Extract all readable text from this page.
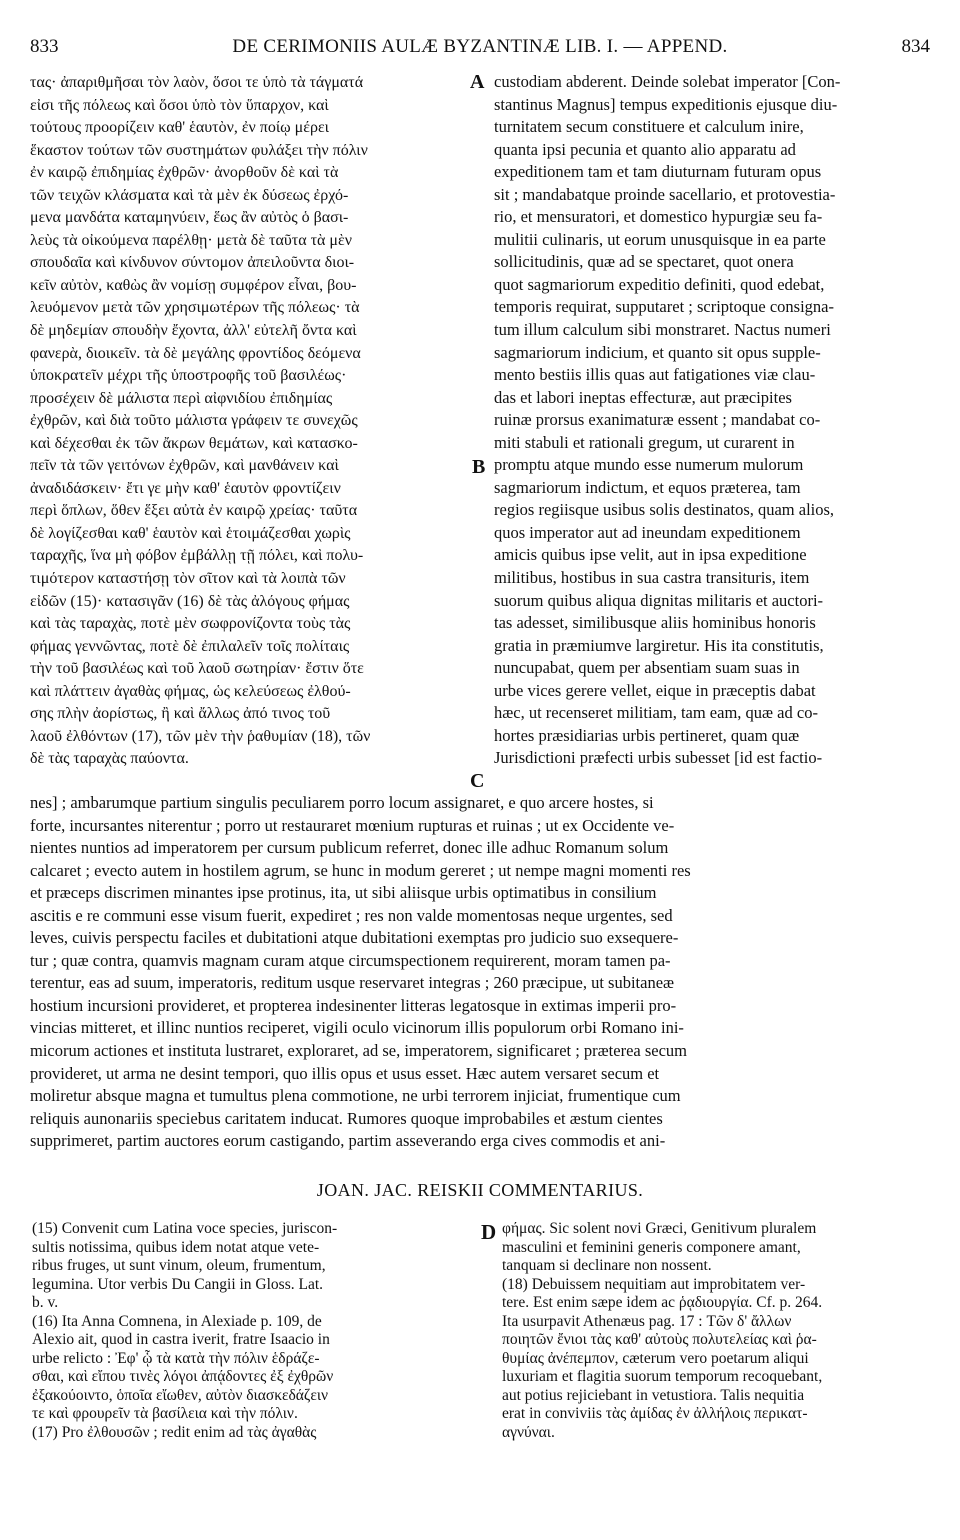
833	DE CERIMONIIS AULÆ BYZANTINÆ LIB. I. — APPEND.	834
τας· ἀπαριθμῆσαι τὸν λαὸν, ὅσοι τε ὑπὸ τὰ τάγματά
εἰσι τῆς πόλεως καὶ ὅσοι ὑπὸ τὸν ὕπαρχον, καὶ
τούτους προορίζειν καθ' ἑαυτὸν, ἐν ποίῳ μέρει
ἕκαστον τούτων τῶν συστημάτων φυλάξει τὴν πόλιν
ἐν καιρῷ ἐπιδημίας ἐχθρῶν· ἀνορθοῦν δὲ καὶ τὰ
τῶν τειχῶν κλάσματα καὶ τὰ μὲν ἐκ δύσεως ἐρχό-
μενα μανδάτα καταμηνύειν, ἕως ἂν αὐτὸς ὁ βασι-
λεὺς τὰ οἰκούμενα παρέλθῃ· μετὰ δὲ ταῦτα τὰ μὲν
σπουδαῖα καὶ κίνδυνον σύντομον ἀπειλοῦντα διοι-
κεῖν αὐτὸν, καθὼς ἂν νομίσῃ συμφέρον εἶναι, βου-
λευόμενον μετὰ τῶν χρησιμωτέρων τῆς πόλεως· τὰ
δὲ μηδεμίαν σπουδὴν ἔχοντα, ἀλλ' εὐτελῆ ὄντα καὶ
φανερὰ, διοικεῖν. τὰ δὲ μεγάλης φροντίδος δεόμενα
ὑποκρατεῖν μέχρι τῆς ὑποστροφῆς τοῦ βασιλέως·
προσέχειν δὲ μάλιστα περὶ αἰφνιδίου ἐπιδημίας
ἐχθρῶν, καὶ διὰ τοῦτο μάλιστα γράφειν τε συνεχῶς
καὶ δέχεσθαι ἐκ τῶν ἄκρων θεμάτων, καὶ κατασκο-
πεῖν τὰ τῶν γειτόνων ἐχθρῶν, καὶ μανθάνειν καὶ
ἀναδιδάσκειν· ἔτι γε μὴν καθ' ἑαυτὸν φροντίζειν
περὶ ὅπλων, ὅθεν ἕξει αὐτὰ ἐν καιρῷ χρείας· ταῦτα
δὲ λογίζεσθαι καθ' ἑαυτὸν καὶ ἑτοιμάζεσθαι χωρὶς
ταραχῆς, ἵνα μὴ φόβον ἐμβάλλῃ τῇ πόλει, καὶ πολυ-
τιμότερον καταστήσῃ τὸν σῖτον καὶ τὰ λοιπὰ τῶν
εἰδῶν (15)· κατασιγᾶν (16) δὲ τὰς ἀλόγους φήμας
καὶ τὰς ταραχὰς, ποτὲ μὲν σωφρονίζοντα τοὺς τὰς
φήμας γεννῶντας, ποτὲ δὲ ἐπιλαλεῖν τοῖς πολίταις
τὴν τοῦ βασιλέως καὶ τοῦ λαοῦ σωτηρίαν· ἔστιν ὅτε
καὶ πλάττειν ἀγαθὰς φήμας, ὡς κελεύσεως ἐλθού-
σης πλὴν ἀορίστως, ἢ καὶ ἄλλως ἀπό τινος τοῦ
λαοῦ ἐλθόντων (17), τῶν μὲν τὴν ῥαθυμίαν (18), τῶν
δὲ τὰς ταραχὰς παύοντα.
A
B
C
custodiam abderent. Deinde solebat imperator [Con-
stantinus Magnus] tempus expeditionis ejusque diu-
turnitatem secum constituere et calculum inire,
quanta ipsi pecunia et quanto alio apparatu ad
expeditionem tam et tam diuturnam futuram opus
sit ; mandabatque proinde sacellario, et protovestia-
rio, et mensuratori, et domestico hypurgiæ seu fa-
mulitii culinaris, ut eorum unusquisque in ea parte
sollicitudinis, quæ ad se spectaret, quot onera
quot sagmariorum expeditio definiti, quod edebat,
temporis requirat, supputaret ; scriptoque consigna-
tum illum calculum sibi monstraret. Nactus numeri
sagmariorum indicium, et quanto sit opus supple-
mento bestiis illis quas aut fatigationes viæ clau-
das et labori ineptas effecturæ, aut præcipites
ruinæ prorsus exanimaturæ essent ; mandabat co-
miti stabuli et rationali gregum, ut curarent in
promptu atque mundo esse numerum mulorum
sagmariorum indictum, et equos præterea, tam
regios regiisque usibus solis destinatos, quam alios,
quos imperator aut ad ineundam expeditionem
amicis quibus ipse velit, aut in ipsa expeditione
militibus, hostibus in sua castra transituris, item
suorum quibus aliqua dignitas militaris et auctori-
tas adesset, similibusque aliis hominibus honoris
gratia in præmiumve largiretur. His ita constitutis,
nuncupabat, quem per absentiam suam suas in
urbe vices gerere vellet, eique in præceptis dabat
hæc, ut recenseret militiam, tam eam, quæ ad co-
hortes præsidiarias urbis pertineret, quam quæ
Jurisdictioni præfecti urbis subesset [id est factio-
nes] ; ambarumque partium singulis peculiarem porro locum assignaret, e quo arcere hostes, si
forte, incursantes niterentur ; porro ut restauraret mœnium rupturas et ruinas ; ut ex Occidente ve-
nientes nuntios ad imperatorem per cursum publicum referret, donec ille adhuc Romanum solum
calcaret ; evecto autem in hostilem agrum, se hunc in modum gereret ; ut nempe magni momenti res
et præceps discrimen minantes ipse protinus, ita, ut sibi aliisque urbis optimatibus in consilium
ascitis e re communi esse visum fuerit, expediret ; res non valde momentosas neque urgentes, sed
leves, cuivis perspectu faciles et dubitationi atque dubitationi exemptas pro judicio suo exsequere-
tur ; quæ contra, quamvis magnam curam atque circumspectionem requirerent, moram tamen pa-
terentur, eas ad suum, imperatoris, reditum usque reservaret integras ; 260 præcipue, ut subitaneæ
hostium incursioni provideret, et propterea indesinenter litteras legatosque in extimas imperii pro-
vincias mitteret, et illinc nuntios reciperet, vigili oculo vicinorum illis populorum orbi Romano ini-
micorum actiones et instituta lustraret, exploraret, ad se, imperatorem, significaret ; præterea secum
provideret, ut arma ne desint tempori, quo illis opus et usus esset. Hæc autem versaret secum et
moliretur absque magna et tumultus plena commotione, ne urbi terrorem injiciat, frumentique cum
reliquis aunonariis speciebus caritatem inducat. Rumores quoque improbabiles et æstum cientes
supprimeret, partim auctores eorum castigando, partim asseverando erga cives commodis et ani-
JOAN. JAC. REISKII COMMENTARIUS.
(15) Convenit cum Latina voce species, juriscon-
sultis notissima, quibus idem notat atque vete-
ribus fruges, ut sunt vinum, oleum, frumentum,
legumina. Utor verbis Du Cangii in Gloss. Lat.
b. v.
(16) Ita Anna Comnena, in Alexiade p. 109, de
Alexio ait, quod in castra iverit, fratre Isaacio in
urbe relicto : Ἐφ' ᾧ τὰ κατὰ τὴν πόλιν ἑδράζε-
σθαι, καὶ εἴπου τινὲς λόγοι ἀπᾴδοντες ἐξ ἐχθρῶν
ἐξακούοιντο, ὁποῖα εἴωθεν, αὐτὸν διασκεδάζειν
τε καὶ φρουρεῖν τὰ βασίλεια καὶ τὴν πόλιν.
(17) Pro ἐλθουσῶν ; redit enim ad τὰς ἀγαθὰς
D φήμας. Sic solent novi Græci, Genitivum pluralem
masculini et feminini generis componere amant,
tanquam si declinare non nossent.
(18) Debuissem nequitiam aut improbitatem ver-
tere. Est enim sæpe idem ac ῥᾳδιουργία. Cf. p. 264.
Ita usurpavit Athenæus pag. 17 : Τῶν δ' ἄλλων
ποιητῶν ἔνιοι τὰς καθ' αὐτοὺς πολυτελείας καὶ ῥα-
θυμίας ἀνέπεμπον, cæterum vero poetarum aliqui
luxuriam et flagitia suorum temporum recoquebant,
aut potius rejiciebant in vetustiora. Talis nequitia
erat in conviviis τὰς ἀμίδας ἐν ἀλλήλοις περικατ-
αγνύναι.
